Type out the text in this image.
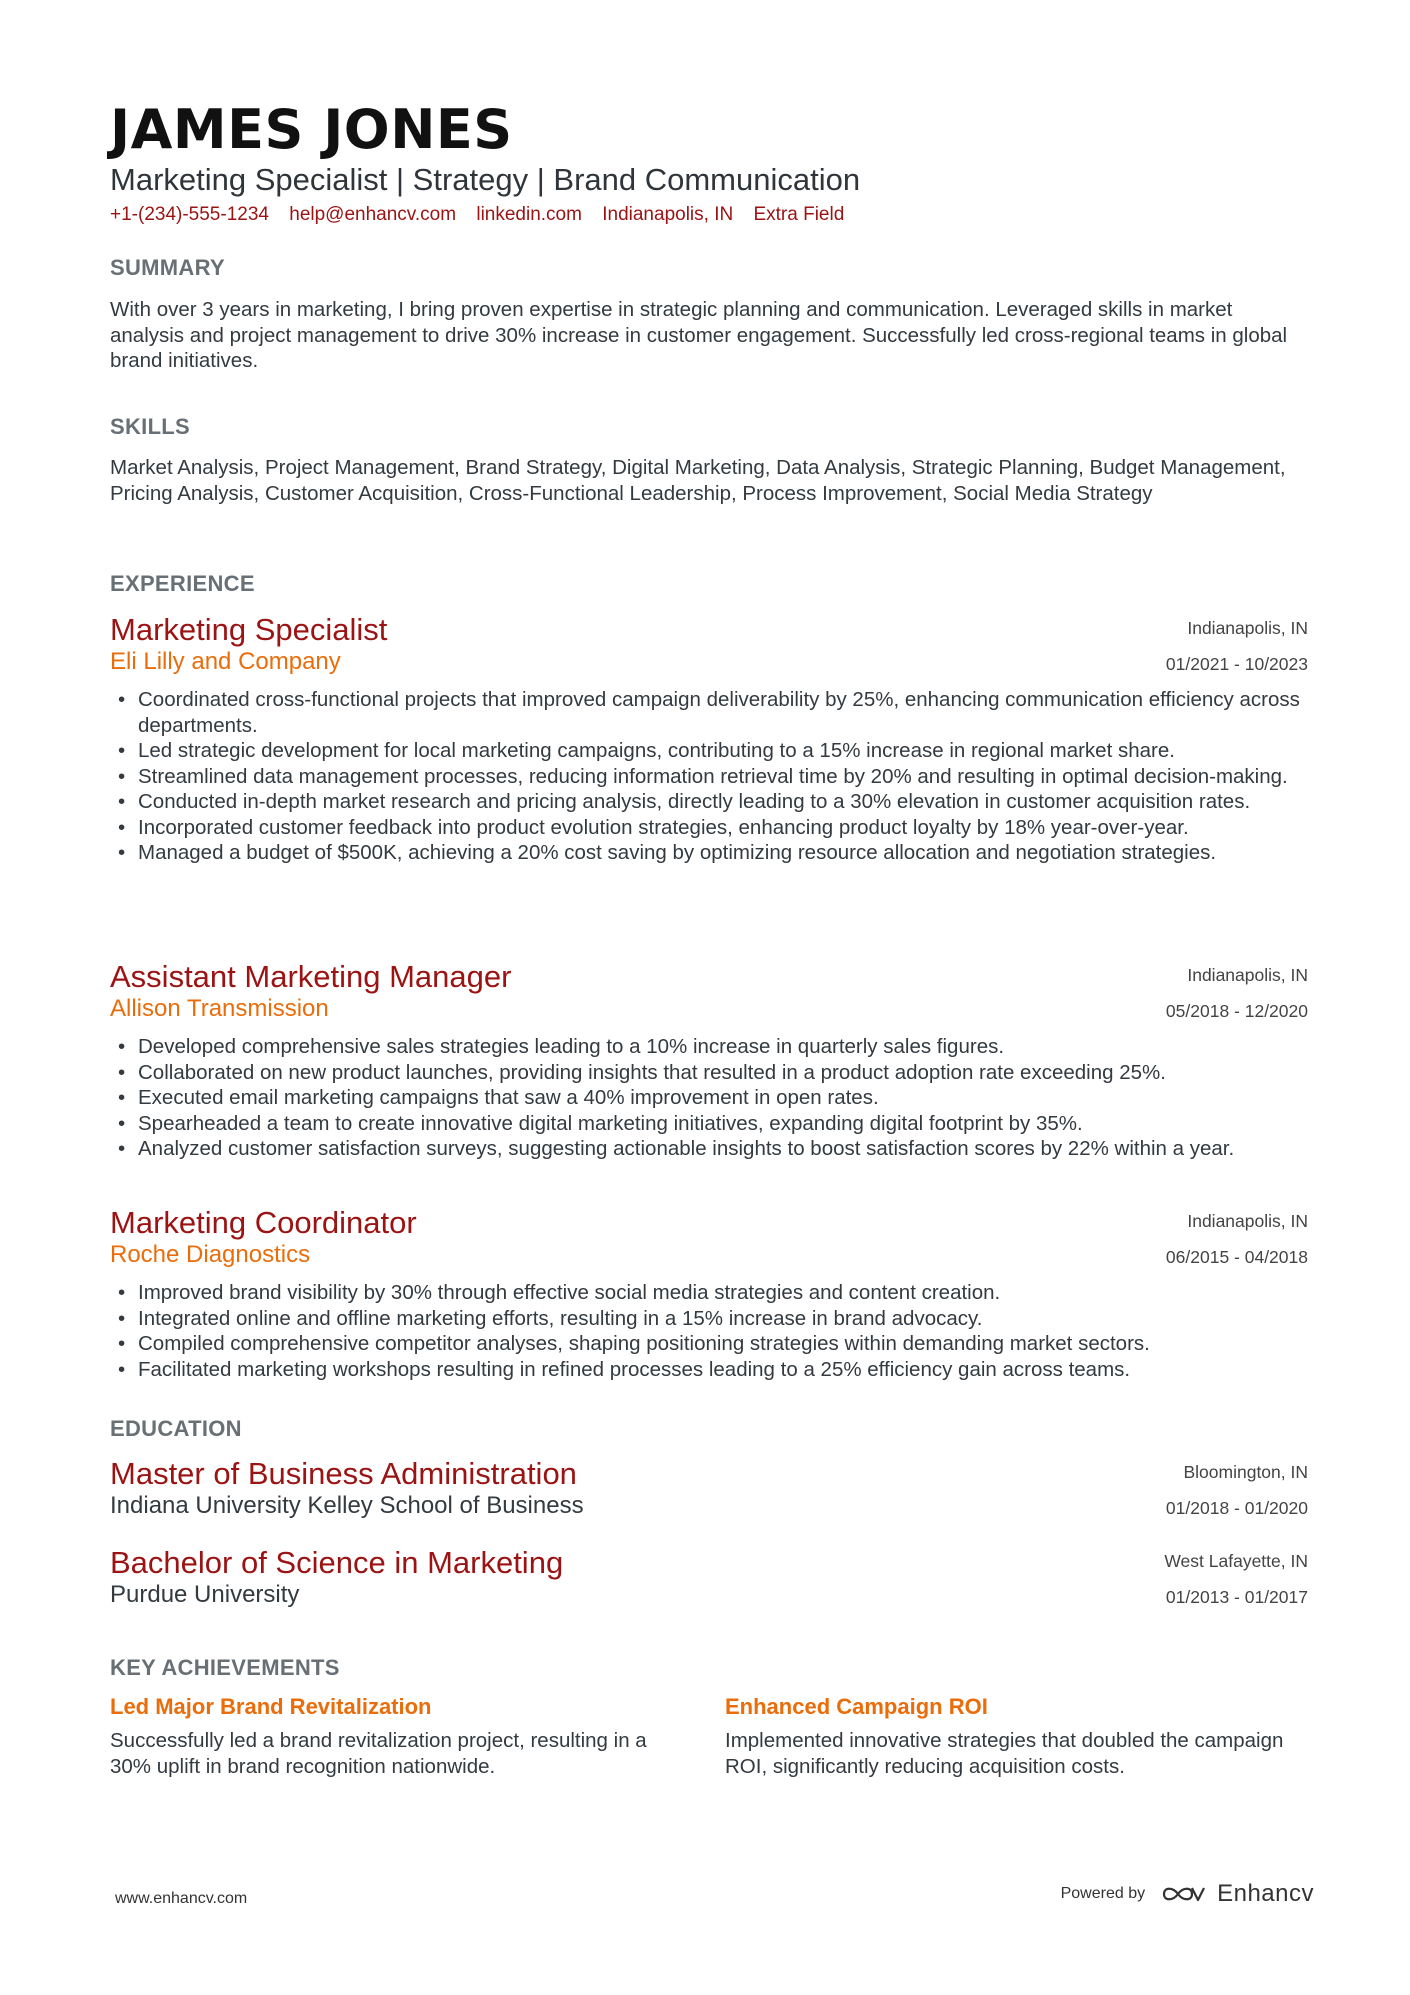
JAMES JONES
Marketing Specialist | Strategy | Brand Communication
+1-(234)-555-1234 help@enhancv.com linkedin.com Indianapolis, IN Extra Field
SUMMARY
With over 3 years in marketing, I bring proven expertise in strategic planning and communication. Leveraged skills in market analysis and project management to drive 30% increase in customer engagement. Successfully led cross-regional teams in global brand initiatives.
SKILLS
Market Analysis, Project Management, Brand Strategy, Digital Marketing, Data Analysis, Strategic Planning, Budget Management, Pricing Analysis, Customer Acquisition, Cross-Functional Leadership, Process Improvement, Social Media Strategy
EXPERIENCE
Marketing Specialist
Eli Lilly and Company
Indianapolis, IN
01/2021 - 10/2023
• Coordinated cross-functional projects that improved campaign deliverability by 25%, enhancing communication efficiency across departments.
• Led strategic development for local marketing campaigns, contributing to a 15% increase in regional market share.
• Streamlined data management processes, reducing information retrieval time by 20% and resulting in optimal decision-making.
• Conducted in-depth market research and pricing analysis, directly leading to a 30% elevation in customer acquisition rates.
• Incorporated customer feedback into product evolution strategies, enhancing product loyalty by 18% year-over-year.
• Managed a budget of $500K, achieving a 20% cost saving by optimizing resource allocation and negotiation strategies.
Assistant Marketing Manager
Allison Transmission
Indianapolis, IN
05/2018 - 12/2020
• Developed comprehensive sales strategies leading to a 10% increase in quarterly sales figures.
• Collaborated on new product launches, providing insights that resulted in a product adoption rate exceeding 25%.
• Executed email marketing campaigns that saw a 40% improvement in open rates.
• Spearheaded a team to create innovative digital marketing initiatives, expanding digital footprint by 35%.
• Analyzed customer satisfaction surveys, suggesting actionable insights to boost satisfaction scores by 22% within a year.
Marketing Coordinator
Roche Diagnostics
Indianapolis, IN
06/2015 - 04/2018
• Improved brand visibility by 30% through effective social media strategies and content creation.
• Integrated online and offline marketing efforts, resulting in a 15% increase in brand advocacy.
• Compiled comprehensive competitor analyses, shaping positioning strategies within demanding market sectors.
• Facilitated marketing workshops resulting in refined processes leading to a 25% efficiency gain across teams.
EDUCATION
Master of Business Administration
Indiana University Kelley School of Business
Bloomington, IN
01/2018 - 01/2020
Bachelor of Science in Marketing
Purdue University
West Lafayette, IN
01/2013 - 01/2017
KEY ACHIEVEMENTS
Led Major Brand Revitalization
Successfully led a brand revitalization project, resulting in a 30% uplift in brand recognition nationwide.
Enhanced Campaign ROI
Implemented innovative strategies that doubled the campaign ROI, significantly reducing acquisition costs.
www.enhancv.com	Powered by	Enhancv
